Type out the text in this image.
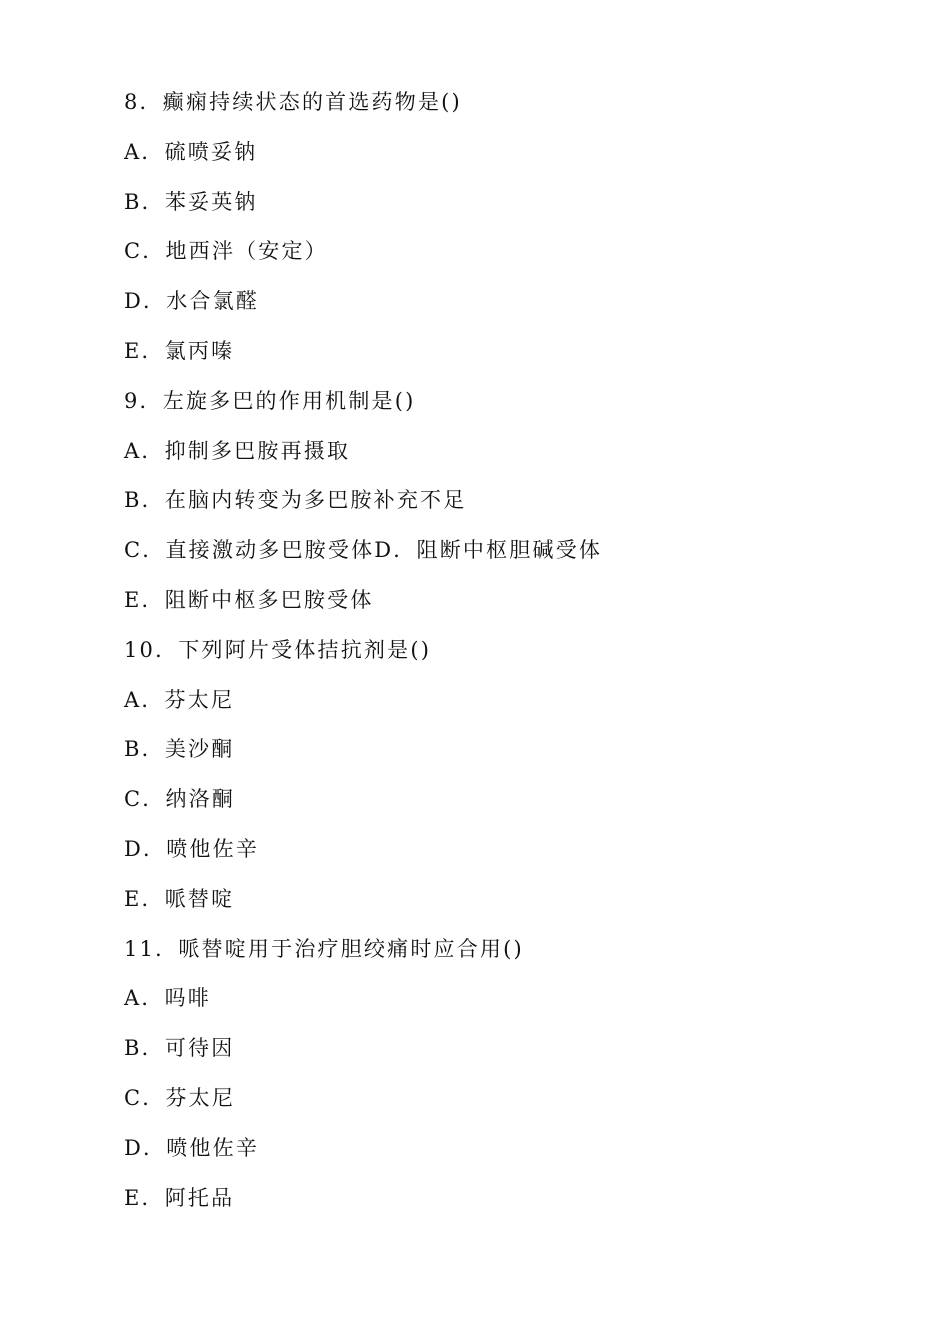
8．癫痫持续状态的首选药物是()
A．硫喷妥钠
B．苯妥英钠
C．地西泮（安定）
D．水合氯醛
E．氯丙嗪
9．左旋多巴的作用机制是()
A．抑制多巴胺再摄取
B．在脑内转变为多巴胺补充不足
C．直接激动多巴胺受体D．阻断中枢胆碱受体
E．阻断中枢多巴胺受体
10．下列阿片受体拮抗剂是()
A．芬太尼
B．美沙酮
C．纳洛酮
D．喷他佐辛
E．哌替啶
11．哌替啶用于治疗胆绞痛时应合用()
A．吗啡
B．可待因
C．芬太尼
D．喷他佐辛
E．阿托品
